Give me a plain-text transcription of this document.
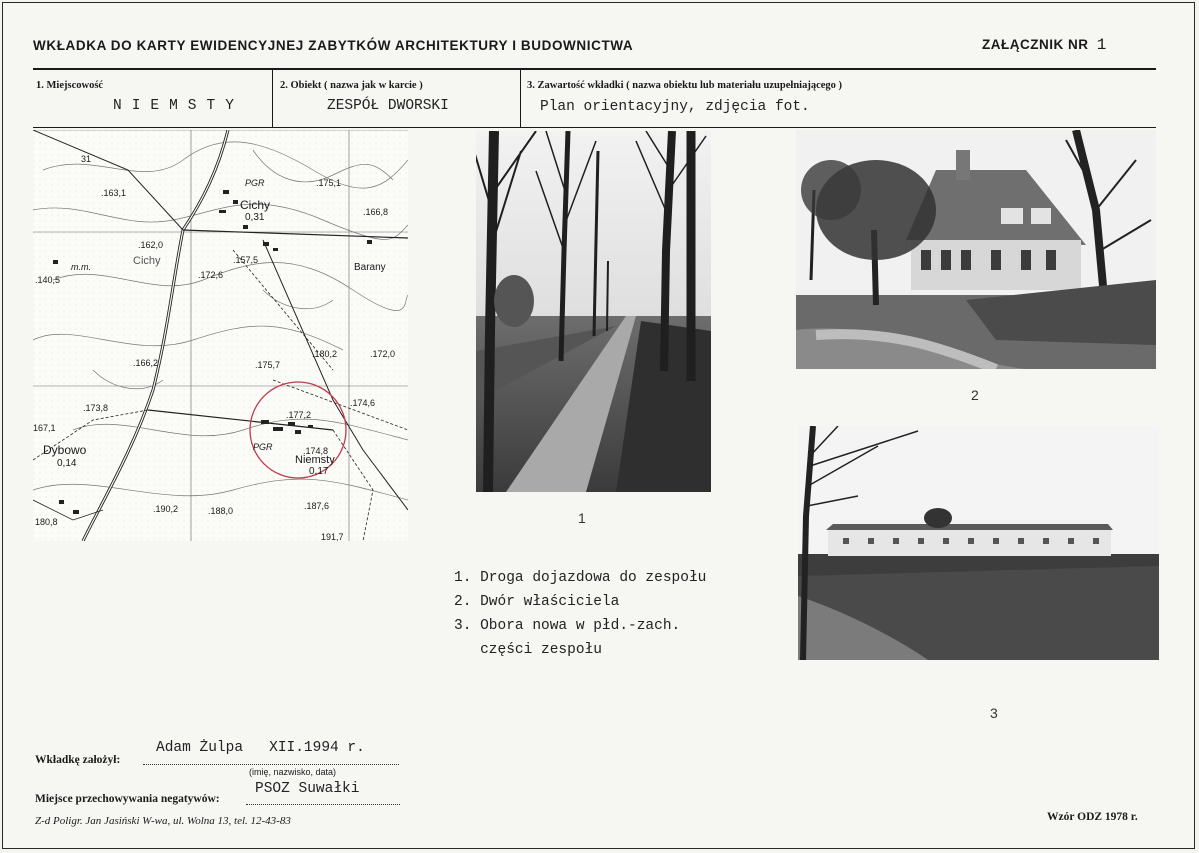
WKŁADKA DO KARTY EWIDENCYJNEJ ZABYTKÓW ARCHITEKTURY I BUDOWNICTWA	ZAŁĄCZNIK NR 1
1. Miejscowość
NIEMSTY
2. Obiekt ( nazwa jak w karcie )
ZESPÓŁ DWORSKI
3. Zawartość wkładki ( nazwa obiektu lub materiału uzupełniającego )
Plan orientacyjny, zdjęcia fot.
31
.163,1
PGR	.175,1
Cichy
0,31	.166,8
.162,0
Cichy
m.m.
.140,5	.172,6
.157,5
Barany
.166,2	.175,7
.180,2	.172,0
.173,8
167,1
.177,2
.174,6
PGR	.174,8
Dybowo
0,14	Niemsty
0,17
.190,2	.188,0	.187,6
180,8
191,7
1
2
3
1. Droga dojazdowa do zespołu
2. Dwór właściciela
3. Obora nowa w płd.-zach.
części zespołu
Wkładkę założył:
Adam Żulpa   XII.1994 r.
(imię, nazwisko, data)
Miejsce przechowywania negatywów:
PSOZ Suwałki
Z-d Poligr. Jan Jasiński W-wa, ul. Wolna 13, tel. 12-43-83	Wzór ODZ 1978 r.
